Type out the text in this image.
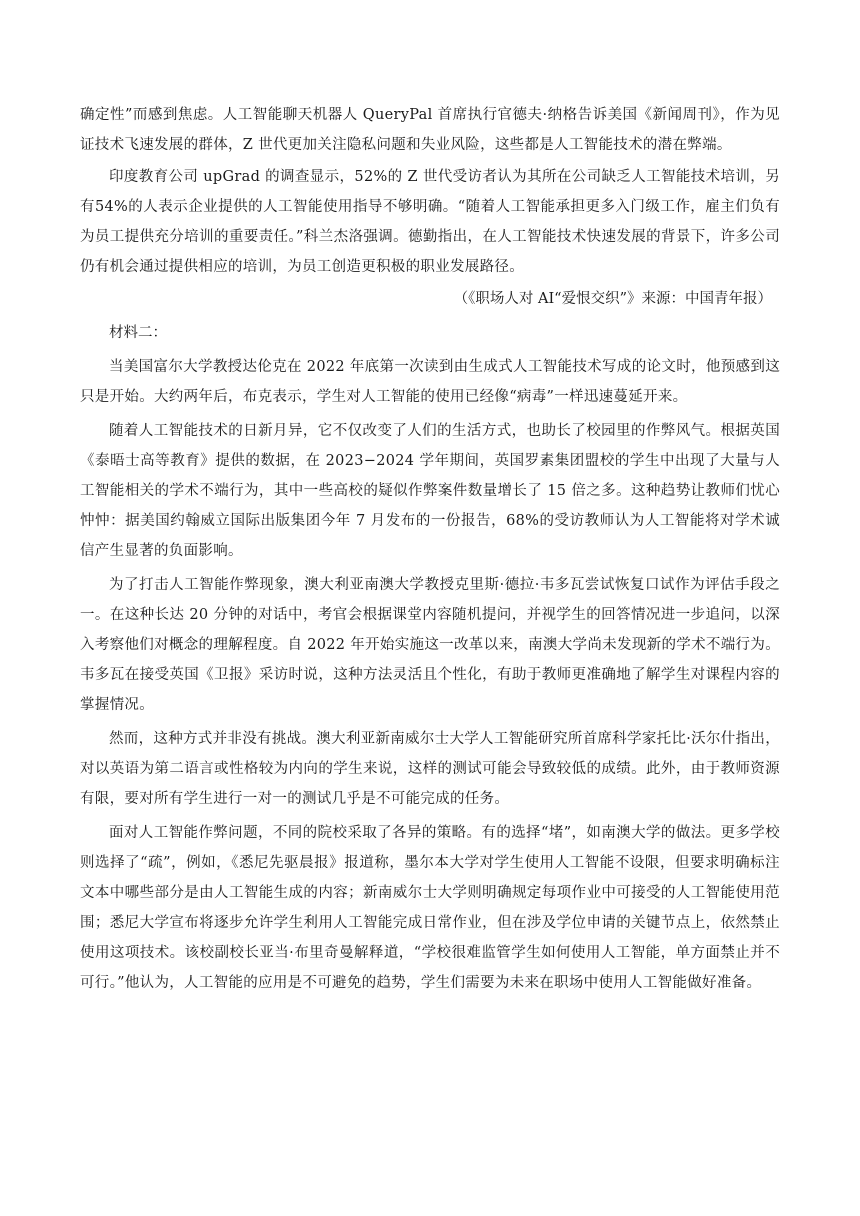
确定性”而感到焦虑。人工智能聊天机器人 QueryPal 首席执行官德夫·纳格告诉美国《新闻周刊》，作为见证技术飞速发展的群体，Z 世代更加关注隐私问题和失业风险，这些都是人工智能技术的潜在弊端。

印度教育公司 upGrad 的调查显示，52%的 Z 世代受访者认为其所在公司缺乏人工智能技术培训，另有54%的人表示企业提供的人工智能使用指导不够明确。“随着人工智能承担更多入门级工作，雇主们负有为员工提供充分培训的重要责任。”科兰杰洛强调。德勤指出，在人工智能技术快速发展的背景下，许多公司仍有机会通过提供相应的培训，为员工创造更积极的职业发展路径。

（《职场人对 AI“爱恨交织”》来源：中国青年报）

材料二：

当美国富尔大学教授达伦克在 2022 年底第一次读到由生成式人工智能技术写成的论文时，他预感到这只是开始。大约两年后，布克表示，学生对人工智能的使用已经像“病毒”一样迅速蔓延开来。

随着人工智能技术的日新月异，它不仅改变了人们的生活方式，也助长了校园里的作弊风气。根据英国《泰晤士高等教育》提供的数据，在 2023−2024 学年期间，英国罗素集团盟校的学生中出现了大量与人工智能相关的学术不端行为，其中一些高校的疑似作弊案件数量增长了 15 倍之多。这种趋势让教师们忧心忡忡：据美国约翰威立国际出版集团今年 7 月发布的一份报告，68%的受访教师认为人工智能将对学术诚信产生显著的负面影响。

为了打击人工智能作弊现象，澳大利亚南澳大学教授克里斯·德拉·韦多瓦尝试恢复口试作为评估手段之一。在这种长达 20 分钟的对话中，考官会根据课堂内容随机提问，并视学生的回答情况进一步追问，以深入考察他们对概念的理解程度。自 2022 年开始实施这一改革以来，南澳大学尚未发现新的学术不端行为。韦多瓦在接受英国《卫报》采访时说，这种方法灵活且个性化，有助于教师更准确地了解学生对课程内容的掌握情况。

然而，这种方式并非没有挑战。澳大利亚新南威尔士大学人工智能研究所首席科学家托比·沃尔什指出，对以英语为第二语言或性格较为内向的学生来说，这样的测试可能会导致较低的成绩。此外，由于教师资源有限，要对所有学生进行一对一的测试几乎是不可能完成的任务。

面对人工智能作弊问题，不同的院校采取了各异的策略。有的选择“堵”，如南澳大学的做法。更多学校则选择了“疏”，例如，《悉尼先驱晨报》报道称，墨尔本大学对学生使用人工智能不设限，但要求明确标注文本中哪些部分是由人工智能生成的内容；新南威尔士大学则明确规定每项作业中可接受的人工智能使用范围；悉尼大学宣布将逐步允许学生利用人工智能完成日常作业，但在涉及学位申请的关键节点上，依然禁止使用这项技术。该校副校长亚当·布里奇曼解释道，“学校很难监管学生如何使用人工智能，单方面禁止并不可行。”他认为，人工智能的应用是不可避免的趋势，学生们需要为未来在职场中使用人工智能做好准备。
